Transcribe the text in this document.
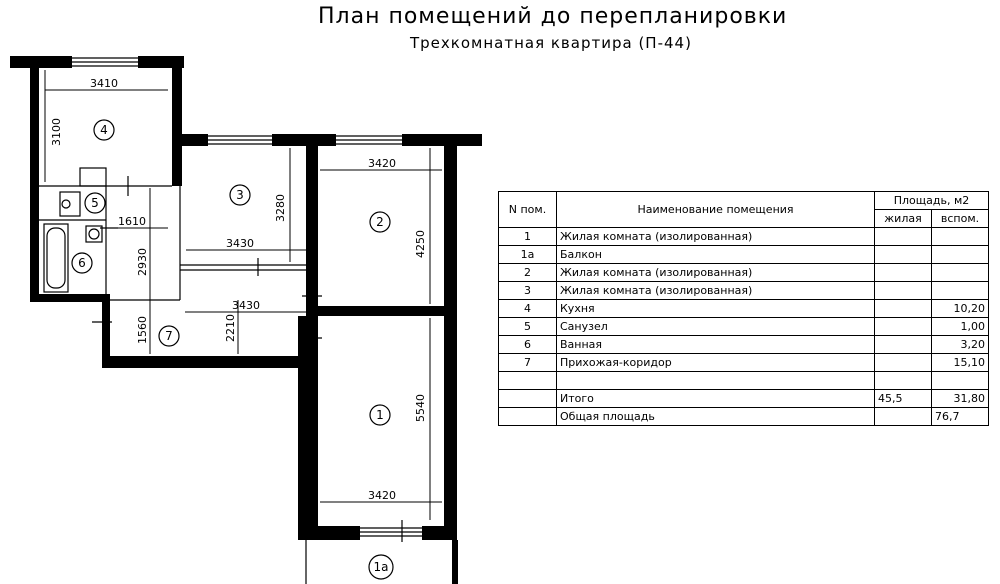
План помещений до перепланировки
Трехкомнатная квартира (П-44)
3410
3100
3280
3430
3420
4250
3430
1610
2930
1560	2210
5540
3420
4
5
6
3
2
7
1
1a
N пом.	Наименование помещения	Площадь, м2	
		жилая	вспом.
1	Жилая комната (изолированная)		
1a	Балкон		
2	Жилая комната (изолированная)		
3	Жилая комната (изолированная)		
4	Кухня		10,20
5	Санузел		1,00
6	Ванная		3,20
7	Прихожая-коридор		15,10

	Итого	45,5	31,80
	Общая площадь		76,7
